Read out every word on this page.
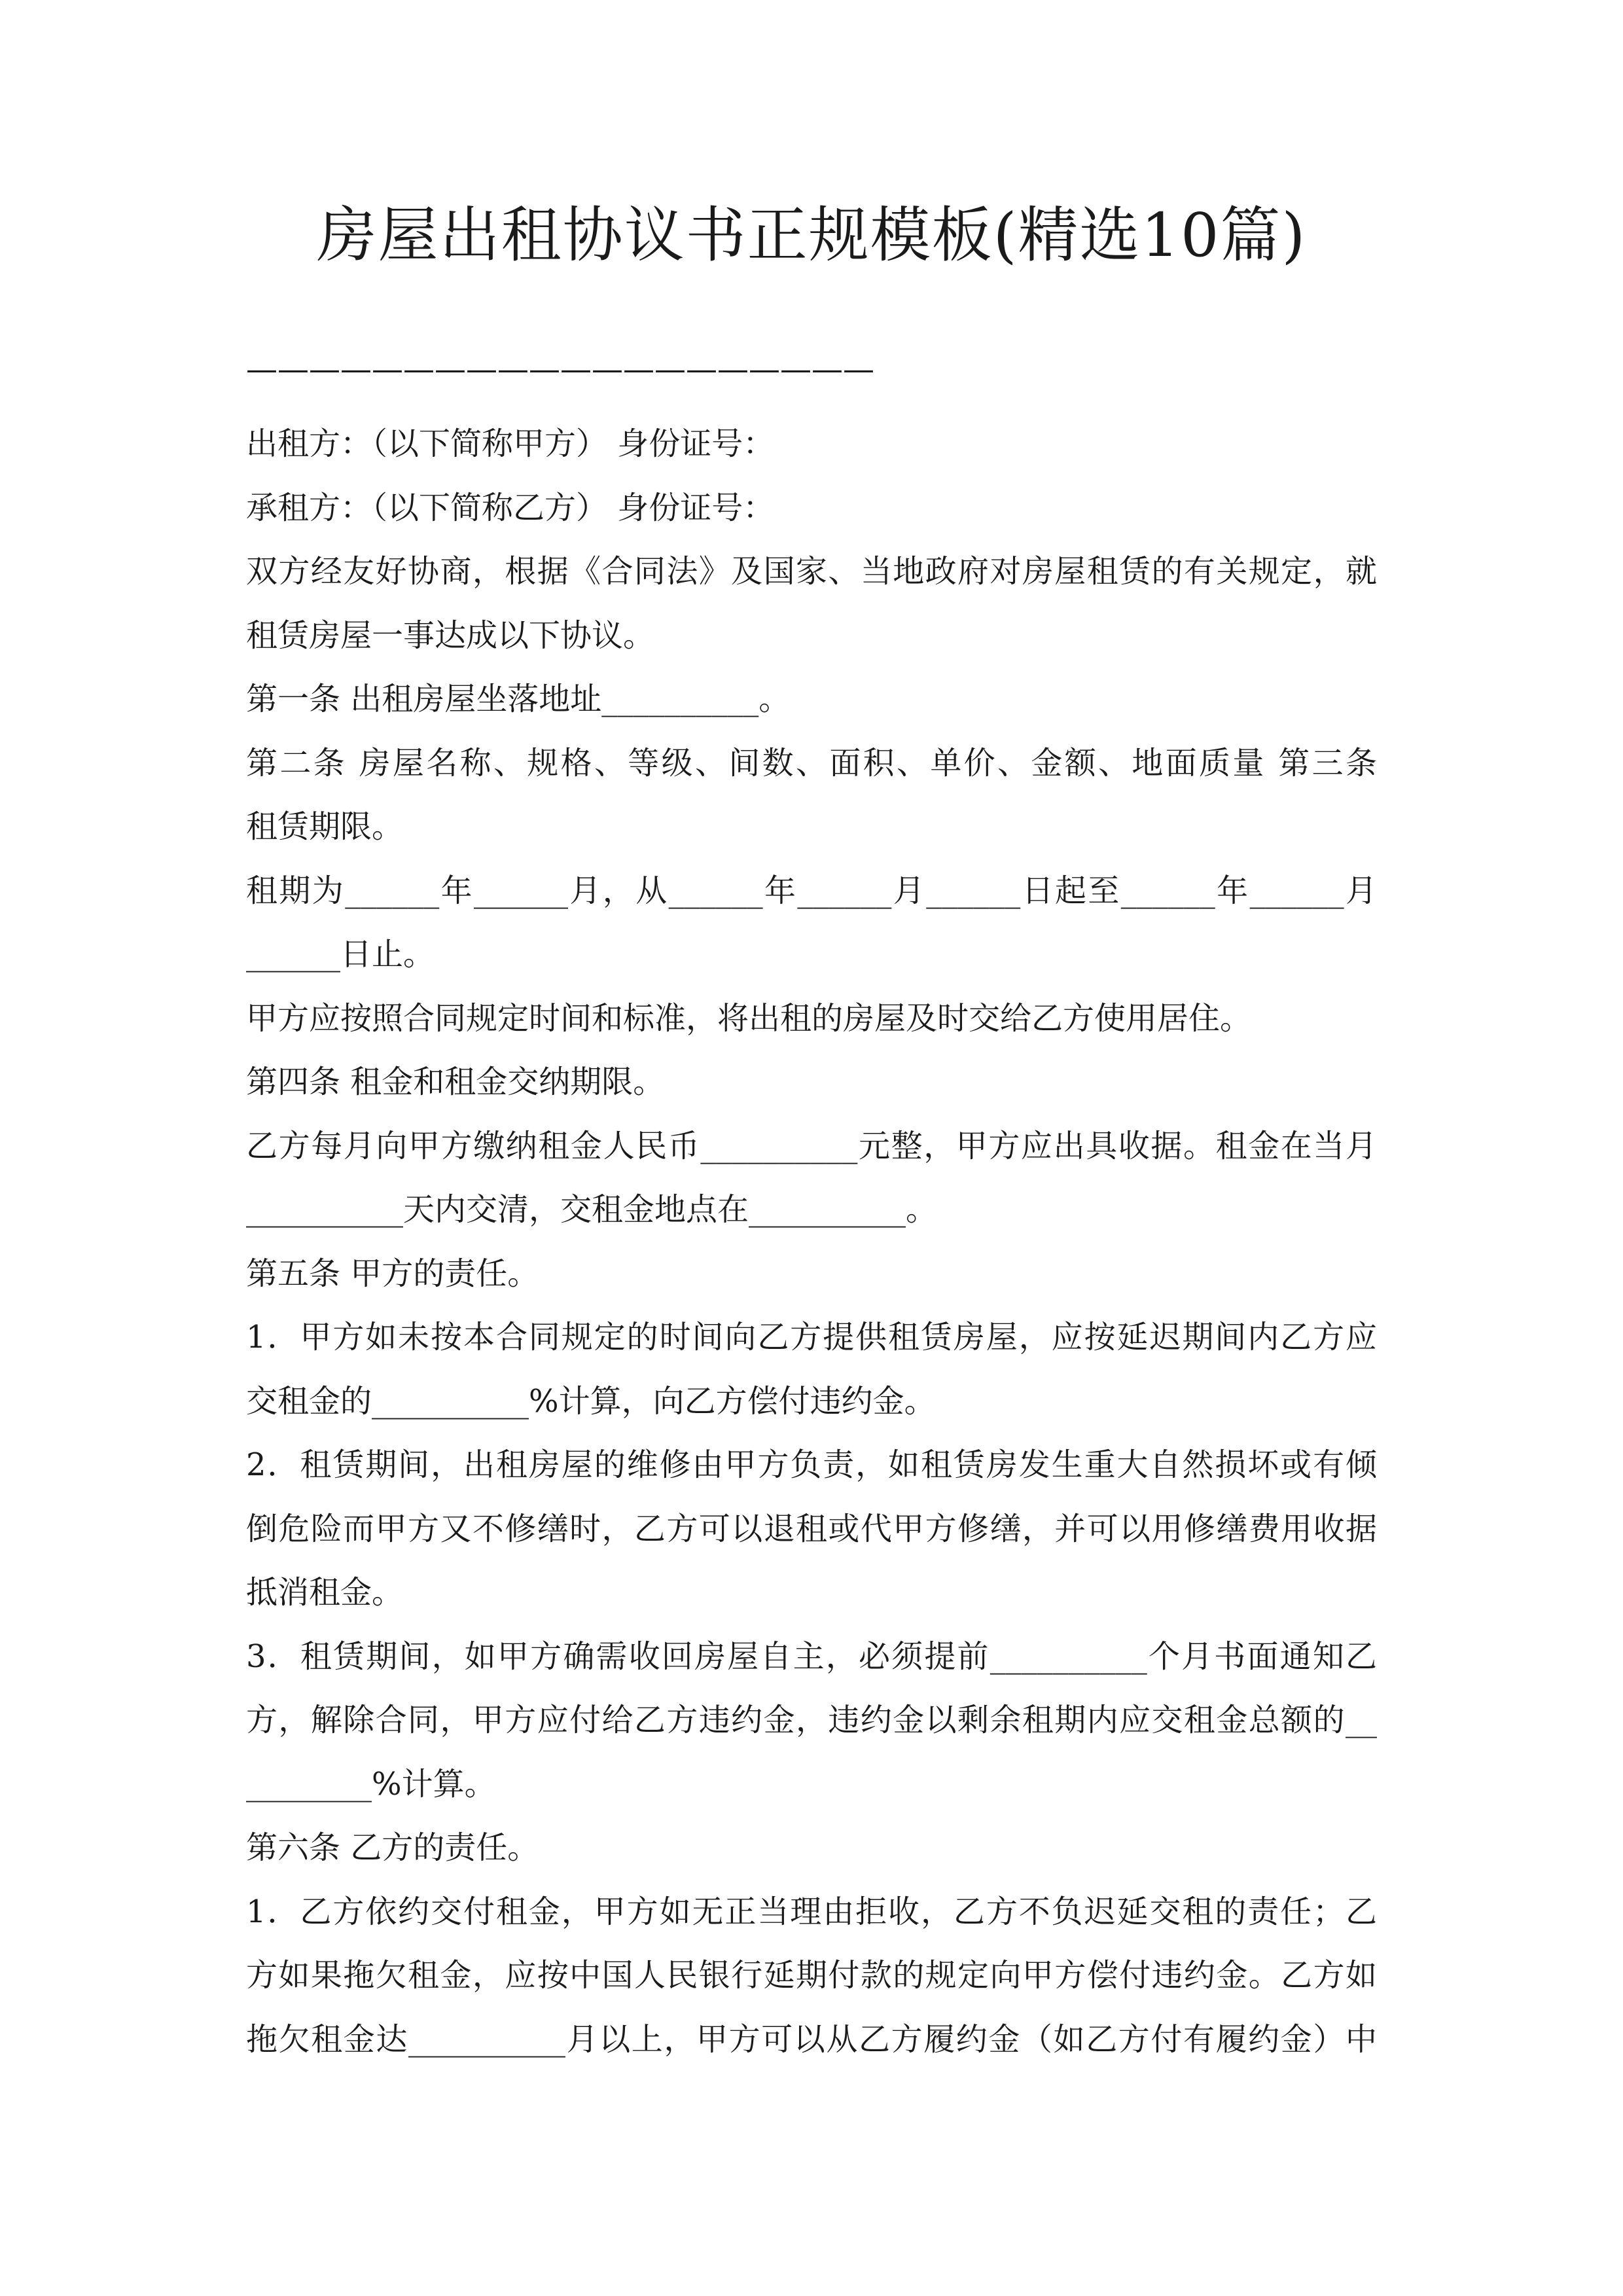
房屋出租协议书正规模板(精选10篇)
————————————————————
出租方：（以下简称甲方） 身份证号：
承租方：（以下简称乙方） 身份证号：
双方经友好协商，根据《合同法》及国家、当地政府对房屋租赁的有关规定，就
租赁房屋一事达成以下协议。
第一条 出租房屋坐落地址__________。
第二条 房屋名称、规格、等级、间数、面积、单价、金额、地面质量 第三条
租赁期限。
租期为______年______月，从______年______月______日起至______年______月
______日止。
甲方应按照合同规定时间和标准，将出租的房屋及时交给乙方使用居住。
第四条 租金和租金交纳期限。
乙方每月向甲方缴纳租金人民币__________元整，甲方应出具收据。租金在当月
__________天内交清，交租金地点在__________。
第五条 甲方的责任。
1．甲方如未按本合同规定的时间向乙方提供租赁房屋，应按延迟期间内乙方应
交租金的__________%计算，向乙方偿付违约金。
2．租赁期间，出租房屋的维修由甲方负责，如租赁房发生重大自然损坏或有倾
倒危险而甲方又不修缮时，乙方可以退租或代甲方修缮，并可以用修缮费用收据
抵消租金。
3．租赁期间，如甲方确需收回房屋自主，必须提前__________个月书面通知乙
方，解除合同，甲方应付给乙方违约金，违约金以剩余租期内应交租金总额的__
________%计算。
第六条 乙方的责任。
1．乙方依约交付租金，甲方如无正当理由拒收，乙方不负迟延交租的责任；乙
方如果拖欠租金，应按中国人民银行延期付款的规定向甲方偿付违约金。乙方如
拖欠租金达__________月以上，甲方可以从乙方履约金（如乙方付有履约金）中
